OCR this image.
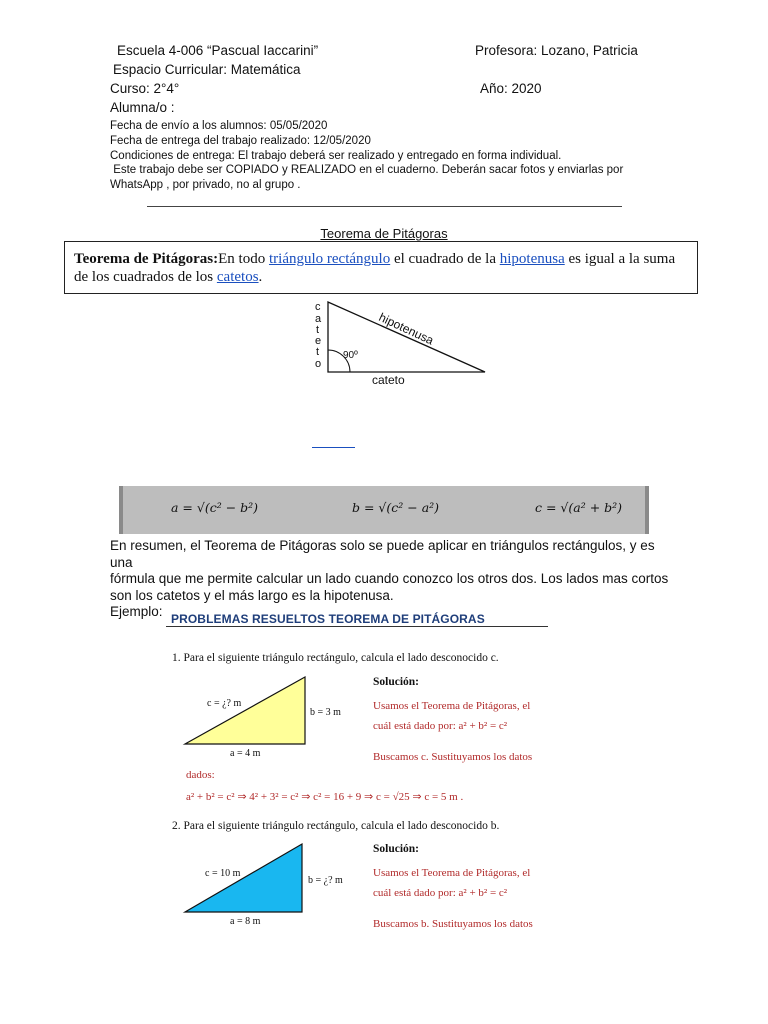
Escuela 4-006 “Pascual Iaccarini”	Profesora: Lozano, Patricia
Espacio Curricular: Matemática
Curso: 2°4°	Año: 2020
Alumna/o :
Fecha de envío a los alumnos: 05/05/2020
Fecha de entrega del trabajo realizado: 12/05/2020
Condiciones de entrega: El trabajo deberá ser realizado y entregado en forma individual.
Este trabajo debe ser COPIADO y REALIZADO en el cuaderno. Deberán sacar fotos y enviarlas por
WhatsApp , por privado, no al grupo .
Teorema de Pitágoras
Teorema de Pitágoras:En todo triángulo rectángulo el cuadrado de la hipotenusa es igual a la suma de los cuadrados de los catetos.
c
a
t
e
t
o
hipotenusa
90º
cateto
a = √(c² − b²)	b = √(c² − a²)	c = √(a² + b²)
En resumen, el Teorema de Pitágoras solo se puede aplicar en triángulos rectángulos, y es una
fórmula que me permite calcular un lado cuando conozco los otros dos. Los lados mas cortos
son los catetos y el más largo es la hipotenusa.
Ejemplo: PROBLEMAS RESUELTOS TEOREMA DE PITÁGORAS
1. Para el siguiente triángulo rectángulo, calcula el lado desconocido c.
c = ¿? m
b = 3 m
a = 4 m
Solución:
Usamos el Teorema de Pitágoras, el
cuál está dado por: a² + b² = c²
Buscamos c. Sustituyamos los datos
dados:
a² + b² = c² ⇒ 4² + 3² = c² ⇒ c² = 16 + 9 ⇒ c = √25 ⇒ c = 5 m .
2. Para el siguiente triángulo rectángulo, calcula el lado desconocido b.
c = 10 m
b = ¿? m
a = 8 m
Solución:
Usamos el Teorema de Pitágoras, el
cuál está dado por: a² + b² = c²
Buscamos b. Sustituyamos los datos
